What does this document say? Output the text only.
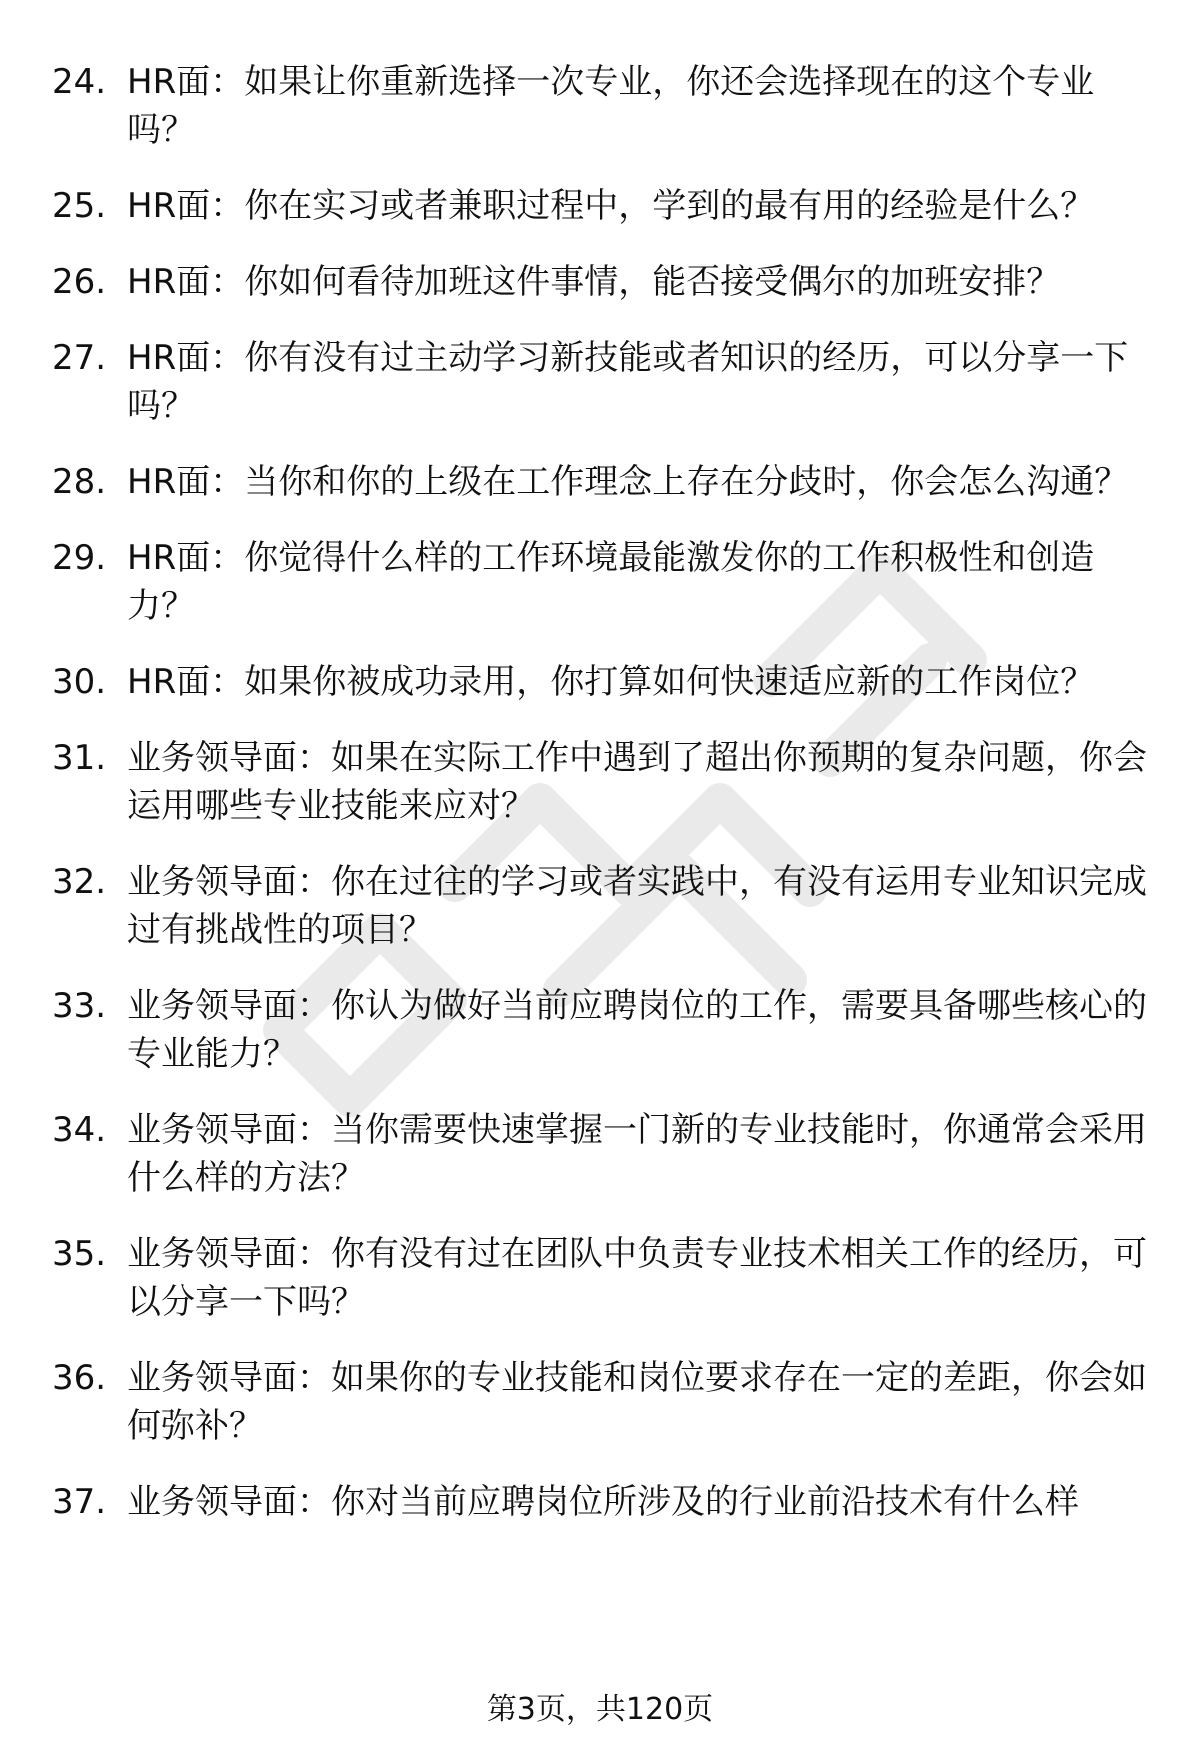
24. HR面：如果让你重新选择一次专业，你还会选择现在的这个专业吗？
25. HR面：你在实习或者兼职过程中，学到的最有用的经验是什么？
26. HR面：你如何看待加班这件事情，能否接受偶尔的加班安排？
27. HR面：你有没有过主动学习新技能或者知识的经历，可以分享一下吗？
28. HR面：当你和你的上级在工作理念上存在分歧时，你会怎么沟通？
29. HR面：你觉得什么样的工作环境最能激发你的工作积极性和创造力？
30. HR面：如果你被成功录用，你打算如何快速适应新的工作岗位？
31. 业务领导面：如果在实际工作中遇到了超出你预期的复杂问题，你会运用哪些专业技能来应对？
32. 业务领导面：你在过往的学习或者实践中，有没有运用专业知识完成过有挑战性的项目？
33. 业务领导面：你认为做好当前应聘岗位的工作，需要具备哪些核心的专业能力？
34. 业务领导面：当你需要快速掌握一门新的专业技能时，你通常会采用什么样的方法？
35. 业务领导面：你有没有过在团队中负责专业技术相关工作的经历，可以分享一下吗？
36. 业务领导面：如果你的专业技能和岗位要求存在一定的差距，你会如何弥补？
37. 业务领导面：你对当前应聘岗位所涉及的行业前沿技术有什么样
第3页，共120页
